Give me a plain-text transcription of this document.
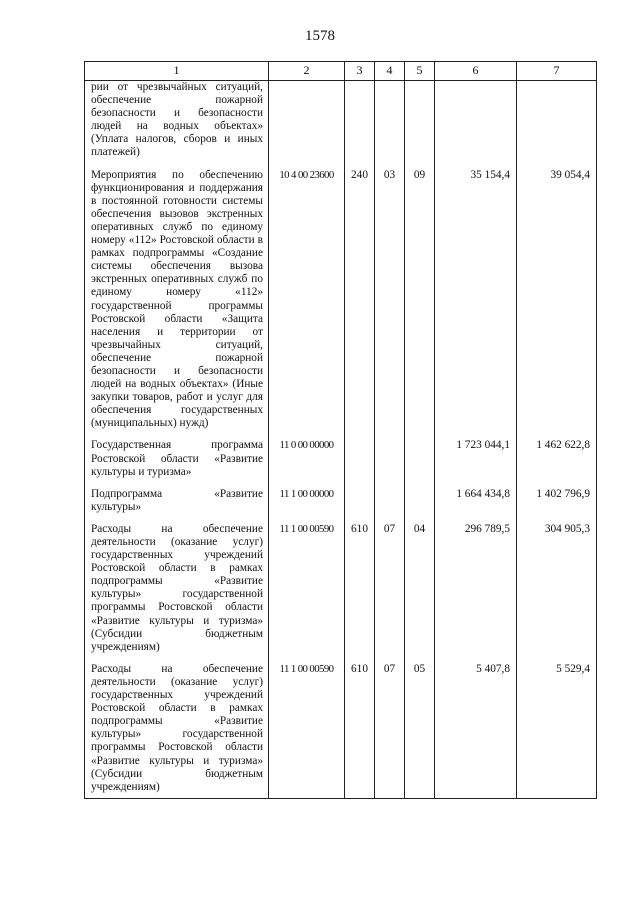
1578
1	2	3	4	5	6	7
рии от чрезвычайных ситуаций, обеспечение пожарной безопасности и безопасности людей на водных объектах» (Уплата налогов, сборов и иных платежей)						
Мероприятия по обеспечению функционирования и поддержания в постоянной готовности системы обеспечения вызовов экстренных оперативных служб по единому номеру «112» Ростовской области в рамках подпрограммы «Создание системы обеспечения вызова экстренных оперативных служб по единому номеру «112» государственной программы Ростовской области «Защита населения и территории от чрезвычайных ситуаций, обеспечение пожарной безопасности и безопасности людей на водных объектах» (Иные закупки товаров, работ и услуг для обеспечения государственных (муниципальных) нужд)	10 4 00 23600	240	03	09	35 154,4	39 054,4
Государственная программа Ростовской области «Развитие культуры и туризма»	11 0 00 00000				1 723 044,1	1 462 622,8
Подпрограмма «Развитие культуры»	11 1 00 00000				1 664 434,8	1 402 796,9
Расходы на обеспечение деятельности (оказание услуг) государственных учреждений Ростовской области в рамках подпрограммы «Развитие культуры» государственной программы Ростовской области «Развитие культуры и туризма» (Субсидии бюджетным учреждениям)	11 1 00 00590	610	07	04	296 789,5	304 905,3
Расходы на обеспечение деятельности (оказание услуг) государственных учреждений Ростовской области в рамках подпрограммы «Развитие культуры» государственной программы Ростовской области «Развитие культуры и туризма» (Субсидии бюджетным учреждениям)	11 1 00 00590	610	07	05	5 407,8	5 529,4
